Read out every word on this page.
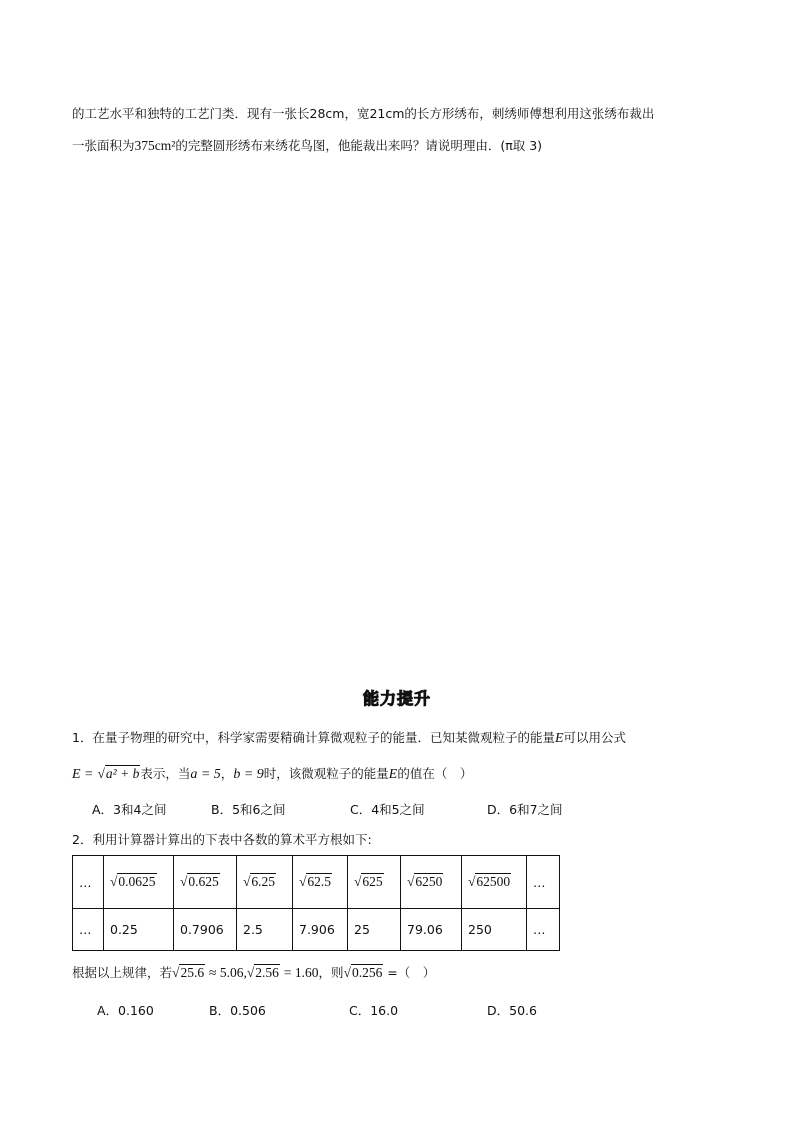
的工艺水平和独特的工艺门类．现有一张长28cm，宽21cm的长方形绣布，刺绣师傅想利用这张绣布裁出
一张面积为375cm²的完整圆形绣布来绣花鸟图，他能裁出来吗？请说明理由．(π取 3)
能力提升
1．在量子物理的研究中，科学家需要精确计算微观粒子的能量．已知某微观粒子的能量E可以用公式
E = √a² + b表示，当a = 5，b = 9时，该微观粒子的能量E的值在（　）
A．3和4之间	B．5和6之间	C．4和5之间	D．6和7之间
2．利用计算器计算出的下表中各数的算术平方根如下:
…	√0.0625	√0.625	√6.25	√62.5	√625	√6250	√62500	…
…	0.25	0.7906	2.5	7.906	25	79.06	250	…
根据以上规律，若√25.6 ≈ 5.06,√2.56 = 1.60，则√0.256 =（　）
A．0.160	B．0.506	C．16.0	D．50.6
